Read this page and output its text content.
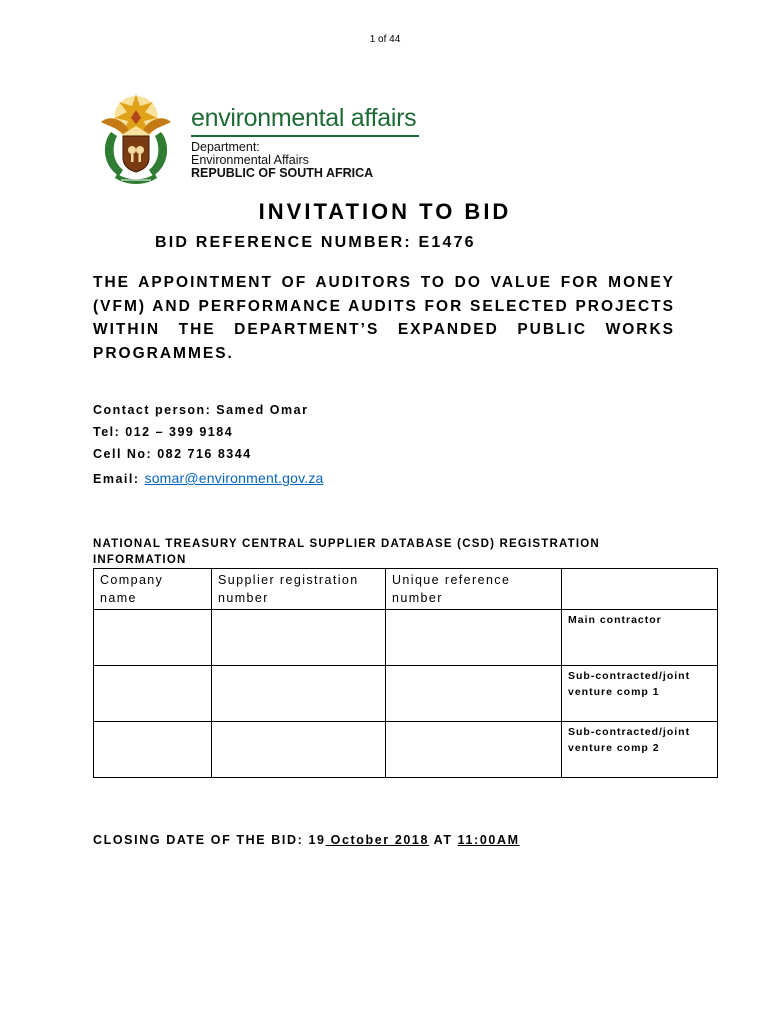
1 of 44
environmental affairs
Department:
Environmental Affairs
REPUBLIC OF SOUTH AFRICA
INVITATION TO BID
BID REFERENCE NUMBER: E1476
THE APPOINTMENT OF AUDITORS TO DO VALUE FOR MONEY (VFM) AND PERFORMANCE AUDITS FOR SELECTED PROJECTS WITHIN THE DEPARTMENT’S EXPANDED PUBLIC WORKS PROGRAMMES.
Contact person: Samed Omar
Tel: 012 – 399 9184
Cell No: 082 716 8344
Email: somar@environment.gov.za
NATIONAL TREASURY CENTRAL SUPPLIER DATABASE (CSD) REGISTRATION INFORMATION
Company name	Supplier registration number	Unique reference number	

			Main contractor

			Sub-contracted/joint venture comp 1

			Sub-contracted/joint venture comp 2
CLOSING DATE OF THE BID: 19 October 2018 AT 11:00AM
